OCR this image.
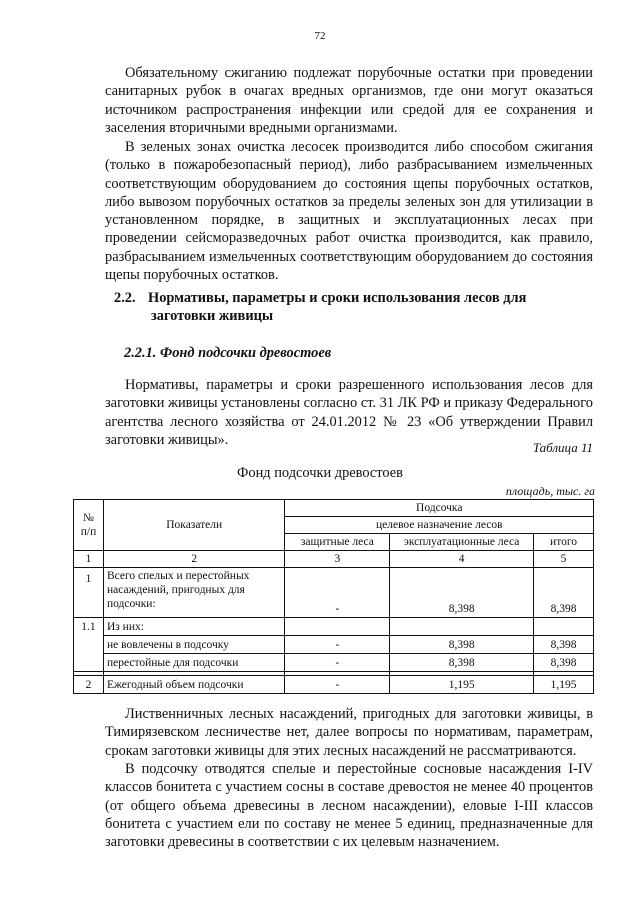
72

Обязательному сжиганию подлежат порубочные остатки при проведении санитарных рубок в очагах вредных организмов, где они могут оказаться источником распространения инфекции или средой для ее сохранения и заселения вторичными вредными организмами.

В зеленых зонах очистка лесосек производится либо способом сжигания (только в пожаробезопасный период), либо разбрасыванием измельченных соответствующим оборудованием до состояния щепы порубочных остатков, либо вывозом порубочных остатков за пределы зеленых зон для утилизации в установленном порядке, в защитных и эксплуатационных лесах при проведении сейсморазведочных работ очистка производится, как правило, разбрасыванием измельченных соответствующим оборудованием до состояния щепы порубочных остатков.

2.2. Нормативы, параметры и сроки использования лесов для
заготовки живицы

2.2.1. Фонд подсочки древостоев

Нормативы, параметры и сроки разрешенного использования лесов для заготовки живицы установлены согласно ст. 31 ЛК РФ и приказу Федерального агентства лесного хозяйства от 24.01.2012 № 23 «Об утверждении Правил заготовки живицы».	Таблица 11
Фонд подсочки древостоев
площадь, тыс. га
№ п/п	Показатели	Подсочка		
		целевое назначение лесов		
		защитные леса	эксплуатационные леса	итого
1	2	3	4	5
1	Всего спелых и перестойных насаждений, пригодных для подсочки:	-	8,398	8,398
1.1	Из них:			
	не вовлечены в подсочку	-	8,398	8,398
	перестойные для подсочки	-	8,398	8,398

2	Ежегодный объем подсочки	-	1,195	1,195

Лиственничных лесных насаждений, пригодных для заготовки живицы, в Тимирязевском лесничестве нет, далее вопросы по нормативам, параметрам, срокам заготовки живицы для этих лесных насаждений не рассматриваются.

В подсочку отводятся спелые и перестойные сосновые насаждения I-IV классов бонитета с участием сосны в составе древостоя не менее 40 процентов (от общего объема древесины в лесном насаждении), еловые I-III классов бонитета с участием ели по составу не менее 5 единиц, предназначенные для заготовки древесины в соответствии с их целевым назначением.
